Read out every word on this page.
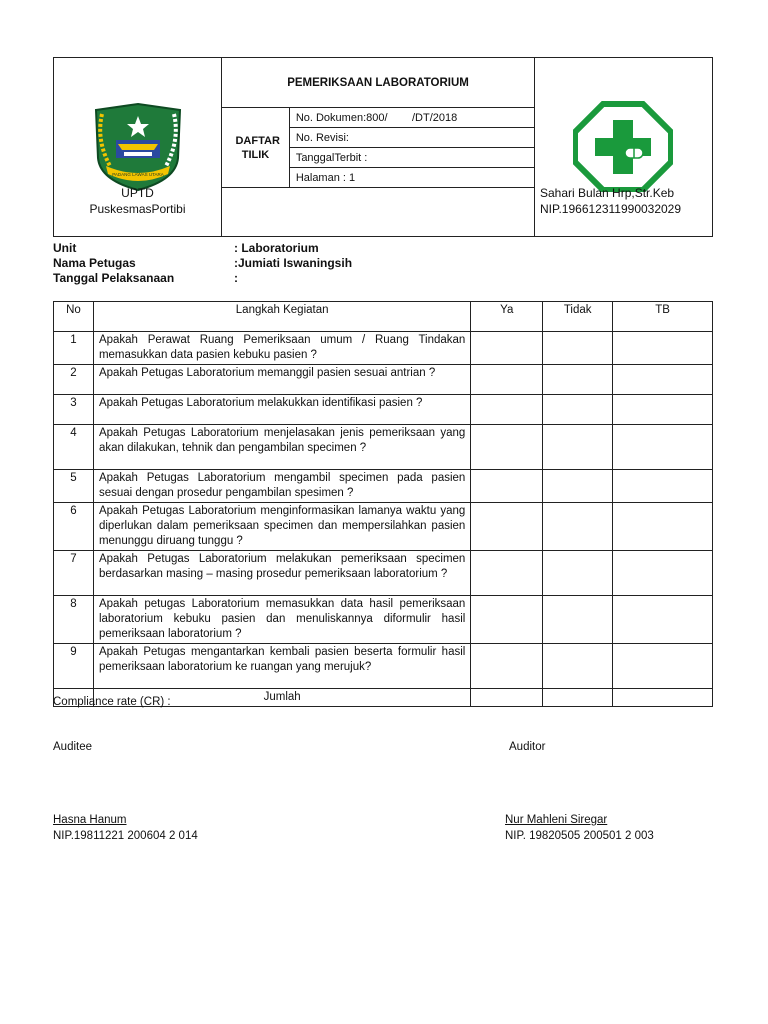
PADANG LAWAS UTARA
	PEMERIKSAAN LABORATORIUM	
DAFTAR TILIK	
No. Dokumen:800/        /DT/2018
No. Revisi:
TanggalTerbit :
Halaman : 1

UPTD
PuskesmasPortibi
Sahari Bulan Hrp,Str.Keb
NIP.196612311990032029
Unit	: Laboratorium
Nama Petugas	:Jumiati Iswaningsih
Tanggal Pelaksanaan	:
No	Langkah Kegiatan	Ya	Tidak	TB
1	Apakah Perawat Ruang Pemeriksaan umum / Ruang Tindakan memasukkan data pasien kebuku pasien ?			
2	Apakah Petugas Laboratorium memanggil pasien sesuai antrian ?			
3	Apakah Petugas Laboratorium melakukkan identifikasi pasien ?			
4	Apakah Petugas Laboratorium menjelasakan jenis pemeriksaan yang akan dilakukan, tehnik dan pengambilan specimen ?			
5	Apakah Petugas Laboratorium mengambil specimen pada pasien sesuai dengan prosedur pengambilan spesimen ?			
6	Apakah Petugas Laboratorium menginformasikan lamanya waktu yang diperlukan dalam pemeriksaan specimen dan mempersilahkan pasien menunggu diruang tunggu ?			
7	Apakah Petugas Laboratorium melakukan pemeriksaan specimen berdasarkan masing – masing prosedur pemeriksaan laboratorium ?			
8	Apakah petugas Laboratorium memasukkan data hasil pemeriksaan laboratorium kebuku pasien dan menuliskannya diformulir hasil pemeriksaan laboratorium ?			
9	Apakah Petugas mengantarkan kembali pasien beserta formulir hasil pemeriksaan laboratorium ke ruangan yang merujuk?			
	Jumlah			
Compliance rate (CR) :
Auditee	Auditor
Hasna Hanum
NIP.19811221 200604 2 014
Nur Mahleni Siregar
NIP. 19820505 200501 2 003
